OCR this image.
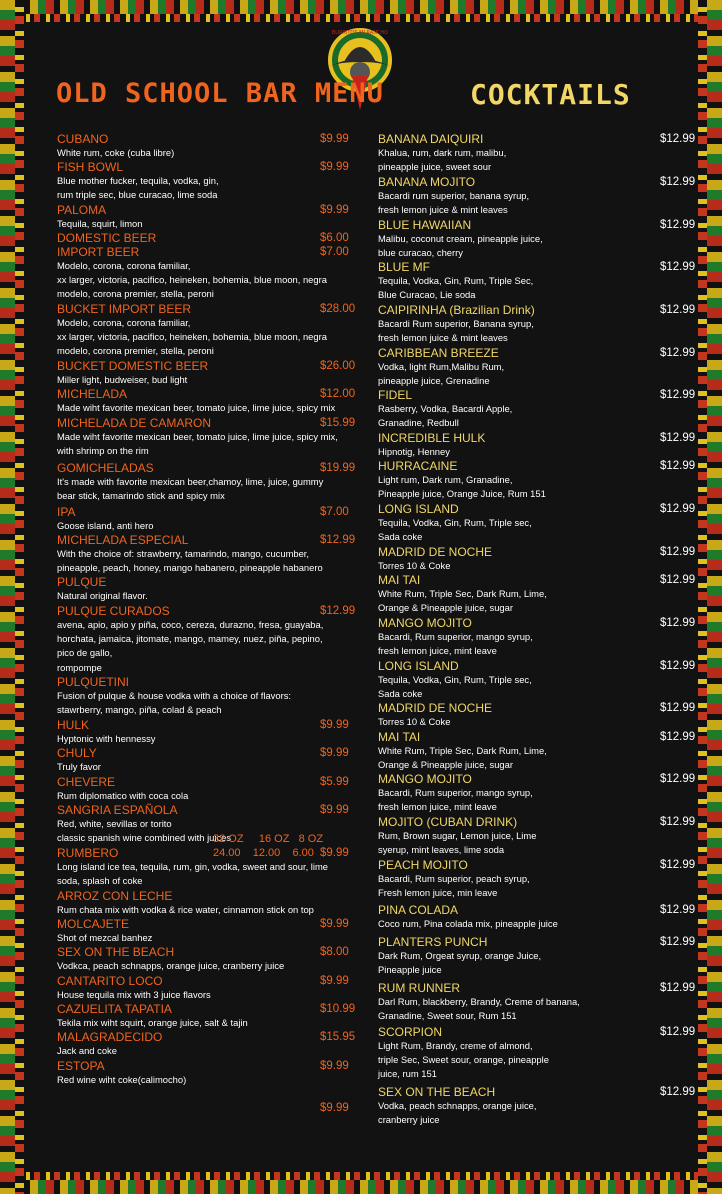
BURRITOS MI RANCHO
OLD SCHOOL BAR MENU	COCKTAILS
CUBANO
White rum, coke (cuba libre)
$9.99
FISH BOWL
Blue mother fucker, tequila, vodka, gin,
rum triple sec, blue curacao, lime soda
$9.99
PALOMA
Tequila, squirt, limon
$9.99
DOMESTIC BEER	$6.00
IMPORT BEER
Modelo, corona, corona familiar,
xx larger, victoria, pacifico, heineken, bohemia, blue moon, negra
modelo, corona premier, stella, peroni
$7.00
BUCKET IMPORT BEER
Modelo, corona, corona familiar,
xx larger, victoria, pacifico, heineken, bohemia, blue moon, negra
modelo, corona premier, stella, peroni
$28.00
BUCKET DOMESTIC BEER
Miller light, budweiser, bud light
$26.00
MICHELADA
Made wiht favorite mexican beer, tomato juice, lime juice, spicy mix
$12.00
MICHELADA DE CAMARON
Made wiht favorite mexican beer, tomato juice, lime juice, spicy mix,
with shrimp on the rim
$15.99
GOMICHELADAS
It's made with favorite mexican beer,chamoy, lime, juice, gummy
bear stick, tamarindo stick and spicy mix
$19.99
IPA
Goose island, anti hero
$7.00
MICHELADA ESPECIAL
With the choice of: strawberry, tamarindo, mango, cucumber,
pineapple, peach, honey, mango habanero, pineapple habanero
$12.99
PULQUE
Natural original flavor.
PULQUE CURADOS
avena, apio, apio y piña, coco, cereza, durazno, fresa, guayaba,
horchata, jamaica, jitomate, mango, mamey, nuez, piña, pepino,
pico de gallo,
rompompe
$12.99
PULQUETINI
Fusion of pulque & house vodka with a choice of flavors:
stawrberry, mango, piña, colad & peach
HULK
Hyptonic with hennessy
$9.99
CHULY
Truly favor
$9.99
CHEVERE
Rum diplomatico with coca cola
$5.99
SANGRIA ESPAÑOLA
Red, white, sevillas or torito
classic spanish wine combined with juices
$9.99
RUMBERO
Long island ice tea, tequila, rum, gin, vodka, sweet and sour, lime
soda, splash of coke
$9.99
ARROZ CON LECHE
Rum chata mix with vodka & rice water, cinnamon stick on top
MOLCAJETE
Shot of mezcal banhez
$9.99
SEX ON THE BEACH
Vodkca, peach schnapps, orange juice, cranberry juice
$8.00
CANTARITO LOCO
House tequila mix with 3 juice flavors
$9.99
CAZUELITA TAPATIA
Tekila mix wiht squirt, orange juice, salt & tajin
$10.99
MALAGRADECIDO
Jack and coke
$15.95
ESTOPA
Red wine wiht coke(calimocho)
$9.99
32 OZ     16 OZ   8 OZ
24.00    12.00    6.00
$9.99
BANANA DAIQUIRI
Khalua, rum, dark rum, malibu,
pineapple juice, sweet sour
$12.99
BANANA MOJITO
Bacardi rum superior, banana syrup,
fresh lemon juice & mint leaves
$12.99
BLUE HAWAIIAN
Malibu, coconut cream, pineapple juice,
blue curacao, cherry
$12.99
BLUE MF
Tequila, Vodka, Gin, Rum, Triple Sec,
Blue Curacao, Lie soda
$12.99
CAIPIRINHA (Brazilian Drink)
Bacardi Rum superior, Banana syrup,
fresh lemon juice & mint leaves
$12.99
CARIBBEAN BREEZE
Vodka, light Rum,Malibu Rum,
pineapple juice, Grenadine
$12.99
FIDEL
Rasberry, Vodka, Bacardi Apple,
Granadine, Redbull
$12.99
INCREDIBLE HULK
Hipnotig, Henney
$12.99
HURRACAINE
Light rum, Dark rum, Granadine,
Pineapple juice, Orange Juice, Rum 151
$12.99
LONG ISLAND
Tequila, Vodka, Gin, Rum, Triple sec,
Sada coke
$12.99
MADRID DE NOCHE
Torres 10 & Coke
$12.99
MAI TAI
White Rum, Triple Sec, Dark Rum, Lime,
Orange & Pineapple juice, sugar
$12.99
MANGO MOJITO
Bacardi, Rum superior, mango syrup,
fresh lemon juice, mint leave
$12.99
LONG ISLAND
Tequila, Vodka, Gin, Rum, Triple sec,
Sada coke
$12.99
MADRID DE NOCHE
Torres 10 & Coke
$12.99
MAI TAI
White Rum, Triple Sec, Dark Rum, Lime,
Orange & Pineapple juice, sugar
$12.99
MANGO MOJITO
Bacardi, Rum superior, mango syrup,
fresh lemon juice, mint leave
$12.99
MOJITO (CUBAN DRINK)
Rum, Brown sugar, Lemon juice, Lime
syerup, mint leaves, lime soda
$12.99
PEACH MOJITO
Bacardi, Rum superior, peach syrup,
Fresh lemon juice, min leave
$12.99
PINA COLADA
Coco rum, Pina colada mix, pineapple juice
$12.99
PLANTERS PUNCH
Dark Rum, Orgeat syrup, orange Juice,
Pineapple juice
$12.99
RUM RUNNER
Darl Rum, blackberry, Brandy, Creme of banana,
Granadine, Sweet sour, Rum 151
$12.99
SCORPION
Light Rum, Brandy, creme of almond,
triple Sec, Sweet sour, orange, pineapple
juice, rum 151
$12.99
SEX ON THE BEACH
Vodka, peach schnapps, orange juice,
cranberry juice
$12.99
